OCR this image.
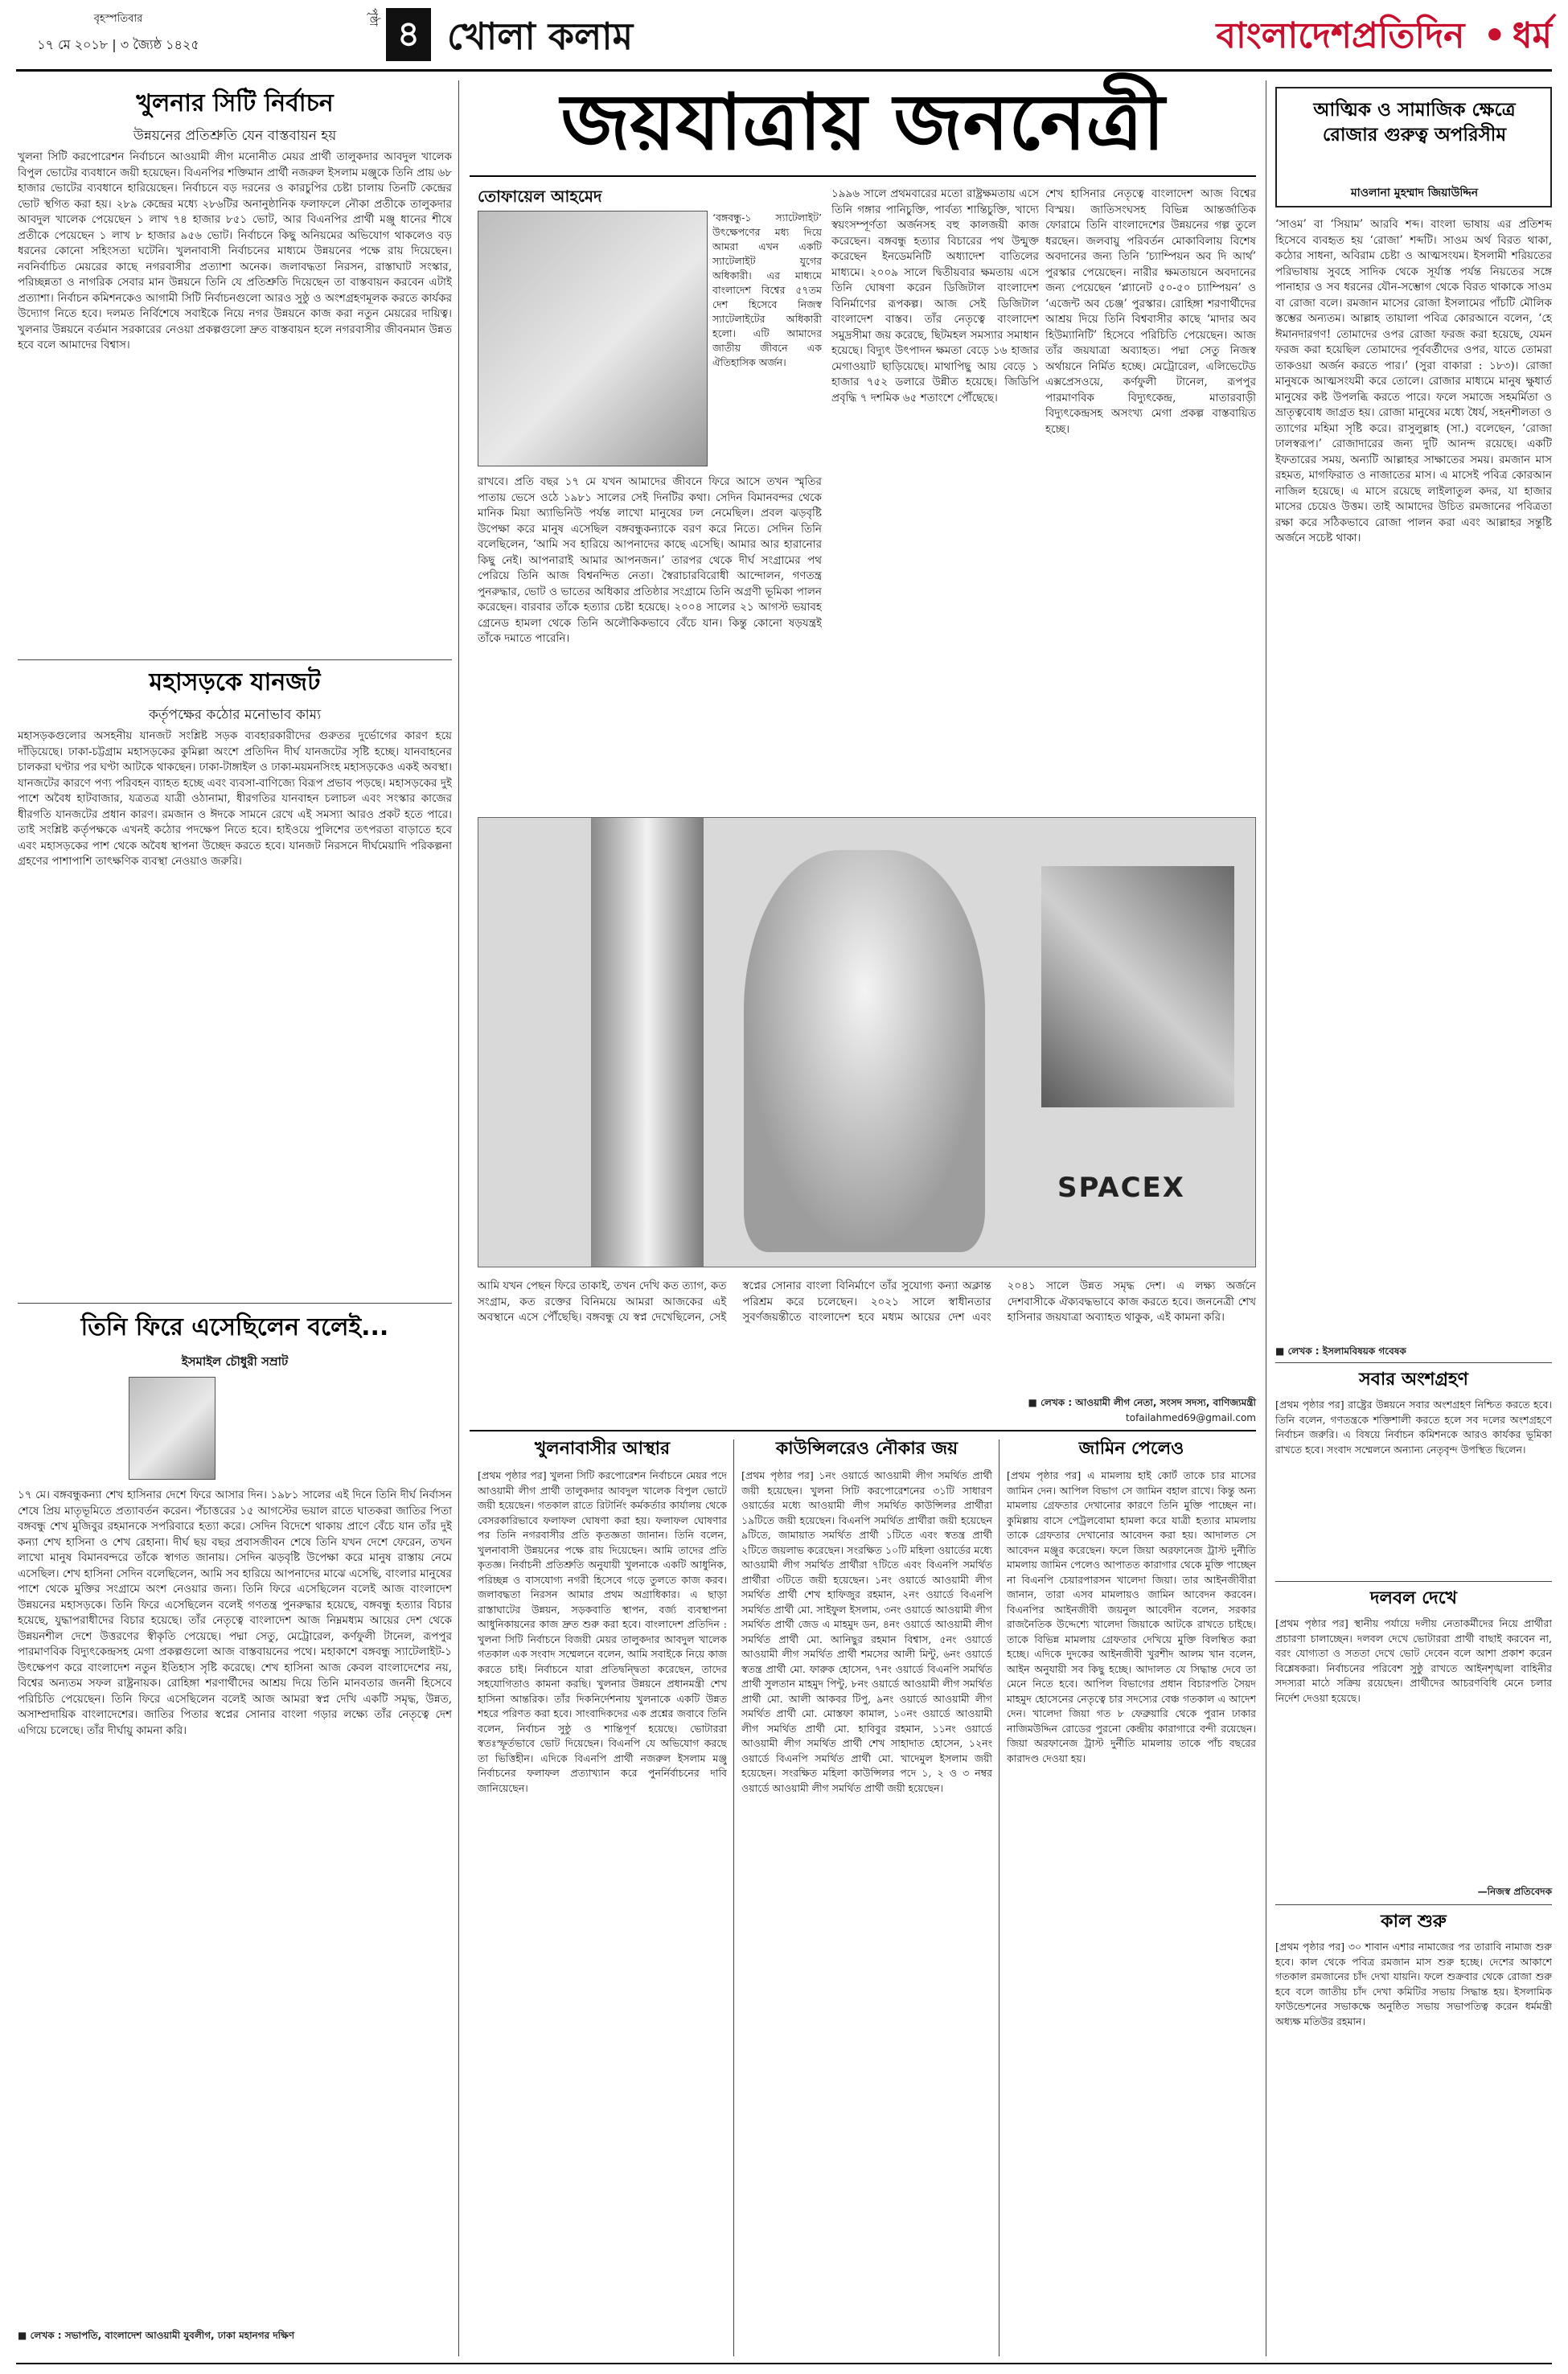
বৃহস্পতিবার
১৭ মে ২০১৮ | ৩ জ্যৈষ্ঠ ১৪২৫
পৃষ্ঠা ৪ খোলা কলাম	বাংলাদেশপ্রতিদিন • ধর্ম
খুলনার সিটি নির্বাচন
উন্নয়নের প্রতিশ্রুতি যেন বাস্তবায়ন হয়
খুলনা সিটি করপোরেশন নির্বাচনে আওয়ামী লীগ মনোনীত মেয়র প্রার্থী তালুকদার আবদুল খালেক বিপুল ভোটের ব্যবধানে জয়ী হয়েছেন। বিএনপির শক্তিমান প্রার্থী নজরুল ইসলাম মঞ্জুকে তিনি প্রায় ৬৮ হাজার ভোটের ব্যবধানে হারিয়েছেন। নির্বাচনে বড় দরনের ও কারচুপির চেষ্টা চালায় তিনটি কেন্দ্রের ভোট স্থগিত করা হয়। ২৮৯ কেন্দ্রের মধ্যে ২৮৬টির অনানুষ্ঠানিক ফলাফলে নৌকা প্রতীকে তালুকদার আবদুল খালেক পেয়েছেন ১ লাখ ৭৪ হাজার ৮৫১ ভোট, আর বিএনপির প্রার্থী মঞ্জু ধানের শীষে প্রতীকে পেয়েছেন ১ লাখ ৮ হাজার ৯৫৬ ভোট। নির্বাচনে কিছু অনিয়মের অভিযোগ থাকলেও বড় ধরনের কোনো সহিংসতা ঘটেনি। খুলনাবাসী নির্বাচনের মাধ্যমে উন্নয়নের পক্ষে রায় দিয়েছেন। নবনির্বাচিত মেয়রের কাছে নগরবাসীর প্রত্যাশা অনেক। জলাবদ্ধতা নিরসন, রাস্তাঘাট সংস্কার, পরিচ্ছন্নতা ও নাগরিক সেবার মান উন্নয়নে তিনি যে প্রতিশ্রুতি দিয়েছেন তা বাস্তবায়ন করবেন এটাই প্রত্যাশা। নির্বাচন কমিশনকেও আগামী সিটি নির্বাচনগুলো আরও সুষ্ঠু ও অংশগ্রহণমূলক করতে কার্যকর উদ্যোগ নিতে হবে। দলমত নির্বিশেষে সবাইকে নিয়ে নগর উন্নয়নে কাজ করা নতুন মেয়রের দায়িত্ব। খুলনার উন্নয়নে বর্তমান সরকারের নেওয়া প্রকল্পগুলো দ্রুত বাস্তবায়ন হলে নগরবাসীর জীবনমান উন্নত হবে বলে আমাদের বিশ্বাস।
মহাসড়কে যানজট
কর্তৃপক্ষের কঠোর মনোভাব কাম্য
মহাসড়কগুলোর অসহনীয় যানজট সংশ্লিষ্ট সড়ক ব্যবহারকারীদের গুরুতর দুর্ভোগের কারণ হয়ে দাঁড়িয়েছে। ঢাকা-চট্টগ্রাম মহাসড়কের কুমিল্লা অংশে প্রতিদিন দীর্ঘ যানজটের সৃষ্টি হচ্ছে। যানবাহনের চালকরা ঘণ্টার পর ঘণ্টা আটকে থাকছেন। ঢাকা-টাঙ্গাইল ও ঢাকা-ময়মনসিংহ মহাসড়কেও একই অবস্থা। যানজটের কারণে পণ্য পরিবহন ব্যাহত হচ্ছে এবং ব্যবসা-বাণিজ্যে বিরূপ প্রভাব পড়ছে। মহাসড়কের দুই পাশে অবৈধ হাটবাজার, যত্রতত্র যাত্রী ওঠানামা, ধীরগতির যানবাহন চলাচল এবং সংস্কার কাজের ধীরগতি যানজটের প্রধান কারণ। রমজান ও ঈদকে সামনে রেখে এই সমস্যা আরও প্রকট হতে পারে। তাই সংশ্লিষ্ট কর্তৃপক্ষকে এখনই কঠোর পদক্ষেপ নিতে হবে। হাইওয়ে পুলিশের তৎপরতা বাড়াতে হবে এবং মহাসড়কের পাশ থেকে অবৈধ স্থাপনা উচ্ছেদ করতে হবে। যানজট নিরসনে দীর্ঘমেয়াদি পরিকল্পনা গ্রহণের পাশাপাশি তাৎক্ষণিক ব্যবস্থা নেওয়াও জরুরি।
তিনি ফিরে এসেছিলেন বলেই...
ইসমাইল চৌধুরী সম্রাট
১৭ মে। বঙ্গবন্ধুকন্যা শেখ হাসিনার দেশে ফিরে আসার দিন। ১৯৮১ সালের এই দিনে তিনি দীর্ঘ নির্বাসন শেষে প্রিয় মাতৃভূমিতে প্রত্যাবর্তন করেন। পঁচাত্তরের ১৫ আগস্টের ভয়াল রাতে ঘাতকরা জাতির পিতা বঙ্গবন্ধু শেখ মুজিবুর রহমানকে সপরিবারে হত্যা করে। সেদিন বিদেশে থাকায় প্রাণে বেঁচে যান তাঁর দুই কন্যা শেখ হাসিনা ও শেখ রেহানা। দীর্ঘ ছয় বছর প্রবাসজীবন শেষে তিনি যখন দেশে ফেরেন, তখন লাখো মানুষ বিমানবন্দরে তাঁকে স্বাগত জানায়। সেদিন ঝড়বৃষ্টি উপেক্ষা করে মানুষ রাস্তায় নেমে এসেছিল। শেখ হাসিনা সেদিন বলেছিলেন, আমি সব হারিয়ে আপনাদের মাঝে এসেছি, বাংলার মানুষের পাশে থেকে মুক্তির সংগ্রামে অংশ নেওয়ার জন্য। তিনি ফিরে এসেছিলেন বলেই আজ বাংলাদেশ উন্নয়নের মহাসড়কে। তিনি ফিরে এসেছিলেন বলেই গণতন্ত্র পুনরুদ্ধার হয়েছে, বঙ্গবন্ধু হত্যার বিচার হয়েছে, যুদ্ধাপরাধীদের বিচার হয়েছে। তাঁর নেতৃত্বে বাংলাদেশ আজ নিম্নমধ্যম আয়ের দেশ থেকে উন্নয়নশীল দেশে উত্তরণের স্বীকৃতি পেয়েছে। পদ্মা সেতু, মেট্রোরেল, কর্ণফুলী টানেল, রূপপুর পারমাণবিক বিদ্যুৎকেন্দ্রসহ মেগা প্রকল্পগুলো আজ বাস্তবায়নের পথে। মহাকাশে বঙ্গবন্ধু স্যাটেলাইট-১ উৎক্ষেপণ করে বাংলাদেশ নতুন ইতিহাস সৃষ্টি করেছে। শেখ হাসিনা আজ কেবল বাংলাদেশের নয়, বিশ্বের অন্যতম সফল রাষ্ট্রনায়ক। রোহিঙ্গা শরণার্থীদের আশ্রয় দিয়ে তিনি মানবতার জননী হিসেবে পরিচিতি পেয়েছেন। তিনি ফিরে এসেছিলেন বলেই আজ আমরা স্বপ্ন দেখি একটি সমৃদ্ধ, উন্নত, অসাম্প্রদায়িক বাংলাদেশের। জাতির পিতার স্বপ্নের সোনার বাংলা গড়ার লক্ষ্যে তাঁর নেতৃত্বে দেশ এগিয়ে চলেছে। তাঁর দীর্ঘায়ু কামনা করি।
■ লেখক : সভাপতি, বাংলাদেশ আওয়ামী যুবলীগ, ঢাকা মহানগর দক্ষিণ
জয়যাত্রায় জননেত্রী
তোফায়েল আহমেদ
‘বঙ্গবন্ধু-১ স্যাটেলাইট’ উৎক্ষেপণের মধ্য দিয়ে আমরা এখন একটি স্যাটেলাইট যুগের অধিকারী। এর মাধ্যমে বাংলাদেশ বিশ্বের ৫৭তম দেশ হিসেবে নিজস্ব স্যাটেলাইটের অধিকারী হলো। এটি আমাদের জাতীয় জীবনে এক ঐতিহাসিক অর্জন।
রাখবে। প্রতি বছর ১৭ মে যখন আমাদের জীবনে ফিরে আসে তখন স্মৃতির পাতায় ভেসে ওঠে ১৯৮১ সালের সেই দিনটির কথা। সেদিন বিমানবন্দর থেকে মানিক মিয়া অ্যাভিনিউ পর্যন্ত লাখো মানুষের ঢল নেমেছিল। প্রবল ঝড়বৃষ্টি উপেক্ষা করে মানুষ এসেছিল বঙ্গবন্ধুকন্যাকে বরণ করে নিতে। সেদিন তিনি বলেছিলেন, ‘আমি সব হারিয়ে আপনাদের কাছে এসেছি। আমার আর হারানোর কিছু নেই। আপনারাই আমার আপনজন।’ তারপর থেকে দীর্ঘ সংগ্রামের পথ পেরিয়ে তিনি আজ বিশ্বনন্দিত নেতা। স্বৈরাচারবিরোধী আন্দোলন, গণতন্ত্র পুনরুদ্ধার, ভোট ও ভাতের অধিকার প্রতিষ্ঠার সংগ্রামে তিনি অগ্রণী ভূমিকা পালন করেছেন। বারবার তাঁকে হত্যার চেষ্টা হয়েছে। ২০০৪ সালের ২১ আগস্ট ভয়াবহ গ্রেনেড হামলা থেকে তিনি অলৌকিকভাবে বেঁচে যান। কিন্তু কোনো ষড়যন্ত্রই তাঁকে দমাতে পারেনি।
১৯৯৬ সালে প্রথমবারের মতো রাষ্ট্রক্ষমতায় এসে তিনি গঙ্গার পানিচুক্তি, পার্বত্য শান্তিচুক্তি, খাদ্যে স্বয়ংসম্পূর্ণতা অর্জনসহ বহু কালজয়ী কাজ করেছেন। বঙ্গবন্ধু হত্যার বিচারের পথ উন্মুক্ত করেছেন ইনডেমনিটি অধ্যাদেশ বাতিলের মাধ্যমে। ২০০৯ সালে দ্বিতীয়বার ক্ষমতায় এসে তিনি ঘোষণা করেন ডিজিটাল বাংলাদেশ বিনির্মাণের রূপকল্প। আজ সেই ডিজিটাল বাংলাদেশ বাস্তব। তাঁর নেতৃত্বে বাংলাদেশ সমুদ্রসীমা জয় করেছে, ছিটমহল সমস্যার সমাধান হয়েছে। বিদ্যুৎ উৎপাদন ক্ষমতা বেড়ে ১৬ হাজার মেগাওয়াট ছাড়িয়েছে। মাথাপিছু আয় বেড়ে ১ হাজার ৭৫২ ডলারে উন্নীত হয়েছে। জিডিপি প্রবৃদ্ধি ৭ দশমিক ৬৫ শতাংশে পৌঁছেছে।
শেখ হাসিনার নেতৃত্বে বাংলাদেশ আজ বিশ্বের বিস্ময়। জাতিসংঘসহ বিভিন্ন আন্তর্জাতিক ফোরামে তিনি বাংলাদেশের উন্নয়নের গল্প তুলে ধরছেন। জলবায়ু পরিবর্তন মোকাবিলায় বিশেষ অবদানের জন্য তিনি ‘চ্যাম্পিয়ন অব দি আর্থ’ পুরস্কার পেয়েছেন। নারীর ক্ষমতায়নে অবদানের জন্য পেয়েছেন ‘প্ল্যানেট ৫০-৫০ চ্যাম্পিয়ন’ ও ‘এজেন্ট অব চেঞ্জ’ পুরস্কার। রোহিঙ্গা শরণার্থীদের আশ্রয় দিয়ে তিনি বিশ্ববাসীর কাছে ‘মাদার অব হিউম্যানিটি’ হিসেবে পরিচিতি পেয়েছেন। আজ তাঁর জয়যাত্রা অব্যাহত। পদ্মা সেতু নিজস্ব অর্থায়নে নির্মিত হচ্ছে। মেট্রোরেল, এলিভেটেড এক্সপ্রেসওয়ে, কর্ণফুলী টানেল, রূপপুর পারমাণবিক বিদ্যুৎকেন্দ্র, মাতারবাড়ী বিদ্যুৎকেন্দ্রসহ অসংখ্য মেগা প্রকল্প বাস্তবায়িত হচ্ছে।
SPACEX
আমি যখন পেছন ফিরে তাকাই, তখন দেখি কত ত্যাগ, কত সংগ্রাম, কত রক্তের বিনিময়ে আমরা আজকের এই অবস্থানে এসে পৌঁছেছি। বঙ্গবন্ধু যে স্বপ্ন দেখেছিলেন, সেই স্বপ্নের সোনার বাংলা বিনির্মাণে তাঁর সুযোগ্য কন্যা অক্লান্ত পরিশ্রম করে চলেছেন। ২০২১ সালে স্বাধীনতার সুবর্ণজয়ন্তীতে বাংলাদেশ হবে মধ্যম আয়ের দেশ এবং ২০৪১ সালে উন্নত সমৃদ্ধ দেশ। এ লক্ষ্য অর্জনে দেশবাসীকে ঐক্যবদ্ধভাবে কাজ করতে হবে। জননেত্রী শেখ হাসিনার জয়যাত্রা অব্যাহত থাকুক, এই কামনা করি।
■ লেখক : আওয়ামী লীগ নেতা, সংসদ সদস্য, বাণিজ্যমন্ত্রী
tofailahmed69@gmail.com
খুলনাবাসীর আস্থার
[প্রথম পৃষ্ঠার পর] খুলনা সিটি করপোরেশন নির্বাচনে মেয়র পদে আওয়ামী লীগ প্রার্থী তালুকদার আবদুল খালেক বিপুল ভোটে জয়ী হয়েছেন। গতকাল রাতে রিটার্নিং কর্মকর্তার কার্যালয় থেকে বেসরকারিভাবে ফলাফল ঘোষণা করা হয়। ফলাফল ঘোষণার পর তিনি নগরবাসীর প্রতি কৃতজ্ঞতা জানান। তিনি বলেন, খুলনাবাসী উন্নয়নের পক্ষে রায় দিয়েছেন। আমি তাদের প্রতি কৃতজ্ঞ। নির্বাচনী প্রতিশ্রুতি অনুযায়ী খুলনাকে একটি আধুনিক, পরিচ্ছন্ন ও বাসযোগ্য নগরী হিসেবে গড়ে তুলতে কাজ করব। জলাবদ্ধতা নিরসন আমার প্রথম অগ্রাধিকার। এ ছাড়া রাস্তাঘাটের উন্নয়ন, সড়কবাতি স্থাপন, বর্জ্য ব্যবস্থাপনা আধুনিকায়নের কাজ দ্রুত শুরু করা হবে। বাংলাদেশ প্রতিদিন : খুলনা সিটি নির্বাচনে বিজয়ী মেয়র তালুকদার আবদুল খালেক গতকাল এক সংবাদ সম্মেলনে বলেন, আমি সবাইকে নিয়ে কাজ করতে চাই। নির্বাচনে যারা প্রতিদ্বন্দ্বিতা করেছেন, তাদের সহযোগিতাও কামনা করছি। খুলনার উন্নয়নে প্রধানমন্ত্রী শেখ হাসিনা আন্তরিক। তাঁর দিকনির্দেশনায় খুলনাকে একটি উন্নত শহরে পরিণত করা হবে। সাংবাদিকদের এক প্রশ্নের জবাবে তিনি বলেন, নির্বাচন সুষ্ঠু ও শান্তিপূর্ণ হয়েছে। ভোটাররা স্বতঃস্ফূর্তভাবে ভোট দিয়েছেন। বিএনপি যে অভিযোগ করছে তা ভিত্তিহীন। এদিকে বিএনপি প্রার্থী নজরুল ইসলাম মঞ্জু নির্বাচনের ফলাফল প্রত্যাখ্যান করে পুনর্নির্বাচনের দাবি জানিয়েছেন।
কাউন্সিলরেও নৌকার জয়
[প্রথম পৃষ্ঠার পর] ১নং ওয়ার্ডে আওয়ামী লীগ সমর্থিত প্রার্থী জয়ী হয়েছেন। খুলনা সিটি করপোরেশনের ৩১টি সাধারণ ওয়ার্ডের মধ্যে আওয়ামী লীগ সমর্থিত কাউন্সিলর প্রার্থীরা ১৯টিতে জয়ী হয়েছেন। বিএনপি সমর্থিত প্রার্থীরা জয়ী হয়েছেন ৯টিতে, জামায়াত সমর্থিত প্রার্থী ১টিতে এবং স্বতন্ত্র প্রার্থী ২টিতে জয়লাভ করেছেন। সংরক্ষিত ১০টি মহিলা ওয়ার্ডের মধ্যে আওয়ামী লীগ সমর্থিত প্রার্থীরা ৭টিতে এবং বিএনপি সমর্থিত প্রার্থীরা ৩টিতে জয়ী হয়েছেন। ১নং ওয়ার্ডে আওয়ামী লীগ সমর্থিত প্রার্থী শেখ হাফিজুর রহমান, ২নং ওয়ার্ডে বিএনপি সমর্থিত প্রার্থী মো. সাইফুল ইসলাম, ৩নং ওয়ার্ডে আওয়ামী লীগ সমর্থিত প্রার্থী জেড এ মাহমুদ ডন, ৪নং ওয়ার্ডে আওয়ামী লীগ সমর্থিত প্রার্থী মো. আনিছুর রহমান বিশ্বাস, ৫নং ওয়ার্ডে আওয়ামী লীগ সমর্থিত প্রার্থী শমসের আলী মিন্টু, ৬নং ওয়ার্ডে স্বতন্ত্র প্রার্থী মো. ফারুক হোসেন, ৭নং ওয়ার্ডে বিএনপি সমর্থিত প্রার্থী সুলতান মাহমুদ পিন্টু, ৮নং ওয়ার্ডে আওয়ামী লীগ সমর্থিত প্রার্থী মো. আলী আকবর টিপু, ৯নং ওয়ার্ডে আওয়ামী লীগ সমর্থিত প্রার্থী মো. মোস্তফা কামাল, ১০নং ওয়ার্ডে আওয়ামী লীগ সমর্থিত প্রার্থী মো. হাবিবুর রহমান, ১১নং ওয়ার্ডে আওয়ামী লীগ সমর্থিত প্রার্থী শেখ সাহাদাত হোসেন, ১২নং ওয়ার্ডে বিএনপি সমর্থিত প্রার্থী মো. খাদেমুল ইসলাম জয়ী হয়েছেন। সংরক্ষিত মহিলা কাউন্সিলর পদে ১, ২ ও ৩ নম্বর ওয়ার্ডে আওয়ামী লীগ সমর্থিত প্রার্থী জয়ী হয়েছেন।
জামিন পেলেও
[প্রথম পৃষ্ঠার পর] এ মামলায় হাই কোর্ট তাকে চার মাসের জামিন দেন। আপিল বিভাগ সে জামিন বহাল রাখে। কিন্তু অন্য মামলায় গ্রেফতার দেখানোর কারণে তিনি মুক্তি পাচ্ছেন না। কুমিল্লায় বাসে পেট্রলবোমা হামলা করে যাত্রী হত্যার মামলায় তাকে গ্রেফতার দেখানোর আবেদন করা হয়। আদালত সে আবেদন মঞ্জুর করেছেন। ফলে জিয়া অরফানেজ ট্রাস্ট দুর্নীতি মামলায় জামিন পেলেও আপাতত কারাগার থেকে মুক্তি পাচ্ছেন না বিএনপি চেয়ারপারসন খালেদা জিয়া। তার আইনজীবীরা জানান, তারা এসব মামলায়ও জামিন আবেদন করবেন। বিএনপির আইনজীবী জয়নুল আবেদীন বলেন, সরকার রাজনৈতিক উদ্দেশ্যে খালেদা জিয়াকে আটকে রাখতে চাইছে। তাকে বিভিন্ন মামলায় গ্রেফতার দেখিয়ে মুক্তি বিলম্বিত করা হচ্ছে। এদিকে দুদকের আইনজীবী খুরশীদ আলম খান বলেন, আইন অনুযায়ী সব কিছু হচ্ছে। আদালত যে সিদ্ধান্ত দেবে তা মেনে নিতে হবে। আপিল বিভাগের প্রধান বিচারপতি সৈয়দ মাহমুদ হোসেনের নেতৃত্বে চার সদস্যের বেঞ্চ গতকাল এ আদেশ দেন। খালেদা জিয়া গত ৮ ফেব্রুয়ারি থেকে পুরান ঢাকার নাজিমউদ্দিন রোডের পুরনো কেন্দ্রীয় কারাগারে বন্দী রয়েছেন। জিয়া অরফানেজ ট্রাস্ট দুর্নীতি মামলায় তাকে পাঁচ বছরের কারাদণ্ড দেওয়া হয়।
আত্মিক ও সামাজিক ক্ষেত্রে রোজার গুরুত্ব অপরিসীম
মাওলানা মুহম্মাদ জিয়াউদ্দিন
‘সাওম’ বা ‘সিয়াম’ আরবি শব্দ। বাংলা ভাষায় এর প্রতিশব্দ হিসেবে ব্যবহৃত হয় ‘রোজা’ শব্দটি। সাওম অর্থ বিরত থাকা, কঠোর সাধনা, অবিরাম চেষ্টা ও আত্মসংযম। ইসলামী শরিয়তের পরিভাষায় সুবহে সাদিক থেকে সূর্যাস্ত পর্যন্ত নিয়তের সঙ্গে পানাহার ও সব ধরনের যৌন-সম্ভোগ থেকে বিরত থাকাকে সাওম বা রোজা বলে। রমজান মাসের রোজা ইসলামের পাঁচটি মৌলিক স্তম্ভের অন্যতম। আল্লাহ তায়ালা পবিত্র কোরআনে বলেন, ‘হে ঈমানদারগণ! তোমাদের ওপর রোজা ফরজ করা হয়েছে, যেমন ফরজ করা হয়েছিল তোমাদের পূর্ববর্তীদের ওপর, যাতে তোমরা তাকওয়া অর্জন করতে পার।’ (সুরা বাকারা : ১৮৩)। রোজা মানুষকে আত্মসংযমী করে তোলে। রোজার মাধ্যমে মানুষ ক্ষুধার্ত মানুষের কষ্ট উপলব্ধি করতে পারে। ফলে সমাজে সহমর্মিতা ও ভ্রাতৃত্ববোধ জাগ্রত হয়। রোজা মানুষের মধ্যে ধৈর্য, সহনশীলতা ও ত্যাগের মহিমা সৃষ্টি করে। রাসুলুল্লাহ (সা.) বলেছেন, ‘রোজা ঢালস্বরূপ।’ রোজাদারের জন্য দুটি আনন্দ রয়েছে। একটি ইফতারের সময়, অন্যটি আল্লাহর সাক্ষাতের সময়। রমজান মাস রহমত, মাগফিরাত ও নাজাতের মাস। এ মাসেই পবিত্র কোরআন নাজিল হয়েছে। এ মাসে রয়েছে লাইলাতুল কদর, যা হাজার মাসের চেয়েও উত্তম। তাই আমাদের উচিত রমজানের পবিত্রতা রক্ষা করে সঠিকভাবে রোজা পালন করা এবং আল্লাহর সন্তুষ্টি অর্জনে সচেষ্ট থাকা।
■ লেখক : ইসলামবিষয়ক গবেষক
সবার অংশগ্রহণ
[প্রথম পৃষ্ঠার পর] রাষ্ট্রের উন্নয়নে সবার অংশগ্রহণ নিশ্চিত করতে হবে। তিনি বলেন, গণতন্ত্রকে শক্তিশালী করতে হলে সব দলের অংশগ্রহণে নির্বাচন জরুরি। এ বিষয়ে নির্বাচন কমিশনকে আরও কার্যকর ভূমিকা রাখতে হবে। সংবাদ সম্মেলনে অন্যান্য নেতৃবৃন্দ উপস্থিত ছিলেন।
দলবল দেখে
[প্রথম পৃষ্ঠার পর] স্থানীয় পর্যায়ে দলীয় নেতাকর্মীদের নিয়ে প্রার্থীরা প্রচারণা চালাচ্ছেন। দলবল দেখে ভোটাররা প্রার্থী বাছাই করবেন না, বরং যোগ্যতা ও সততা দেখে ভোট দেবেন বলে আশা প্রকাশ করেন বিশ্লেষকরা। নির্বাচনের পরিবেশ সুষ্ঠু রাখতে আইনশৃঙ্খলা বাহিনীর সদস্যরা মাঠে সক্রিয় রয়েছেন। প্রার্থীদের আচরণবিধি মেনে চলার নির্দেশ দেওয়া হয়েছে।
—নিজস্ব প্রতিবেদক
কাল শুরু
[প্রথম পৃষ্ঠার পর] ৩০ শাবান এশার নামাজের পর তারাবি নামাজ শুরু হবে। কাল থেকে পবিত্র রমজান মাস শুরু হচ্ছে। দেশের আকাশে গতকাল রমজানের চাঁদ দেখা যায়নি। ফলে শুক্রবার থেকে রোজা শুরু হবে বলে জাতীয় চাঁদ দেখা কমিটির সভায় সিদ্ধান্ত হয়। ইসলামিক ফাউন্ডেশনের সভাকক্ষে অনুষ্ঠিত সভায় সভাপতিত্ব করেন ধর্মমন্ত্রী অধ্যক্ষ মতিউর রহমান।
